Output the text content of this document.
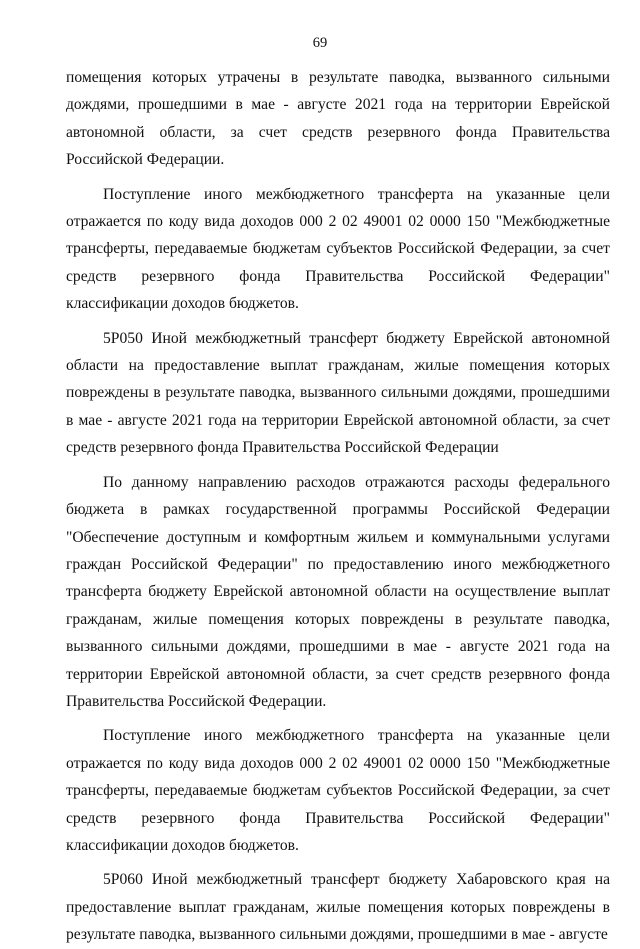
69

помещения которых утрачены в результате паводка, вызванного сильными дождями, прошедшими в мае - августе 2021 года на территории Еврейской автономной области, за счет средств резервного фонда Правительства Российской Федерации.

Поступление иного межбюджетного трансферта на указанные цели отражается по коду вида доходов 000 2 02 49001 02 0000 150 "Межбюджетные трансферты, передаваемые бюджетам субъектов Российской Федерации, за счет средств резервного фонда Правительства Российской Федерации" классификации доходов бюджетов.

5Р050 Иной межбюджетный трансферт бюджету Еврейской автономной области на предоставление выплат гражданам, жилые помещения которых повреждены в результате паводка, вызванного сильными дождями, прошедшими в мае - августе 2021 года на территории Еврейской автономной области, за счет средств резервного фонда Правительства Российской Федерации

По данному направлению расходов отражаются расходы федерального бюджета в рамках государственной программы Российской Федерации "Обеспечение доступным и комфортным жильем и коммунальными услугами граждан Российской Федерации" по предоставлению иного межбюджетного трансферта бюджету Еврейской автономной области на осуществление выплат гражданам, жилые помещения которых повреждены в результате паводка, вызванного сильными дождями, прошедшими в мае - августе 2021 года на территории Еврейской автономной области, за счет средств резервного фонда Правительства Российской Федерации.

Поступление иного межбюджетного трансферта на указанные цели отражается по коду вида доходов 000 2 02 49001 02 0000 150 "Межбюджетные трансферты, передаваемые бюджетам субъектов Российской Федерации, за счет средств резервного фонда Правительства Российской Федерации" классификации доходов бюджетов.

5Р060 Иной межбюджетный трансферт бюджету Хабаровского края на предоставление выплат гражданам, жилые помещения которых повреждены в результате паводка, вызванного сильными дождями, прошедшими в мае - августе
